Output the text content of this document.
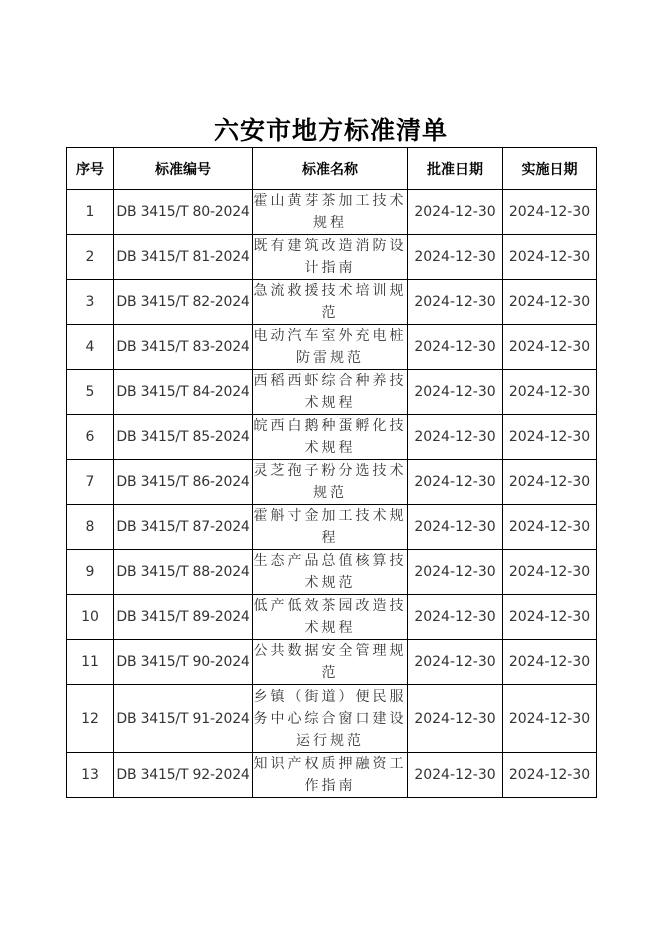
六安市地方标准清单
序号	标准编号	标准名称	批准日期	实施日期
1	DB 3415/T 80-2024	霍山黄芽茶加工技术规程	2024-12-30	2024-12-30
2	DB 3415/T 81-2024	既有建筑改造消防设计指南	2024-12-30	2024-12-30
3	DB 3415/T 82-2024	急流救援技术培训规范	2024-12-30	2024-12-30
4	DB 3415/T 83-2024	电动汽车室外充电桩防雷规范	2024-12-30	2024-12-30
5	DB 3415/T 84-2024	西稻西虾综合种养技术规程	2024-12-30	2024-12-30
6	DB 3415/T 85-2024	皖西白鹅种蛋孵化技术规程	2024-12-30	2024-12-30
7	DB 3415/T 86-2024	灵芝孢子粉分选技术规范	2024-12-30	2024-12-30
8	DB 3415/T 87-2024	霍斛寸金加工技术规程	2024-12-30	2024-12-30
9	DB 3415/T 88-2024	生态产品总值核算技术规范	2024-12-30	2024-12-30
10	DB 3415/T 89-2024	低产低效茶园改造技术规程	2024-12-30	2024-12-30
11	DB 3415/T 90-2024	公共数据安全管理规范	2024-12-30	2024-12-30
12	DB 3415/T 91-2024	乡镇（街道）便民服务中心综合窗口建设运行规范	2024-12-30	2024-12-30
13	DB 3415/T 92-2024	知识产权质押融资工作指南	2024-12-30	2024-12-30
